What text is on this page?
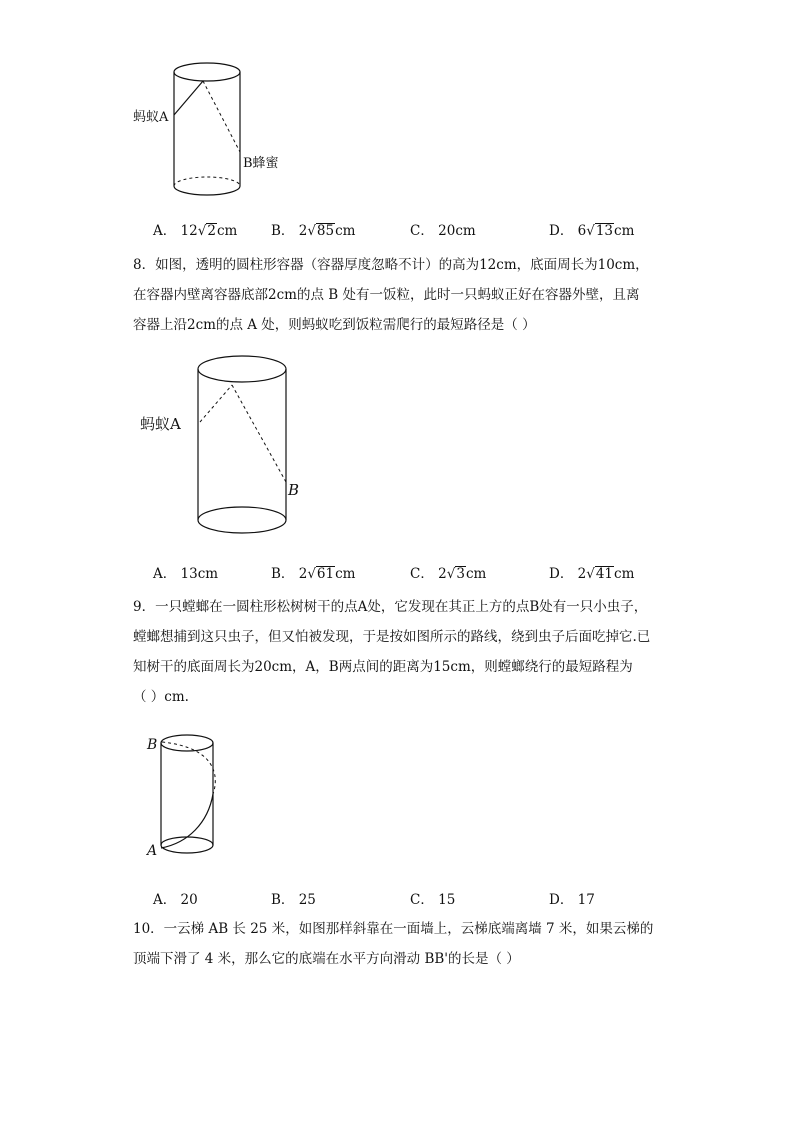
蚂蚁A
B蜂蜜
A． 12√2cm B． 2√85cm	C． 20cm	D． 6√13cm
8．如图，透明的圆柱形容器（容器厚度忽略不计）的高为12cm，底面周长为10cm，
在容器内壁离容器底部2cm的点 B 处有一饭粒，此时一只蚂蚁正好在容器外壁，且离
容器上沿2cm的点 A 处，则蚂蚁吃到饭粒需爬行的最短路径是（ ）
蚂蚁A
B
A． 13cm	B． 2√61cm	C． 2√3cm	D． 2√41cm
9．一只螳螂在一圆柱形松树树干的点A处，它发现在其正上方的点B处有一只小虫子，
螳螂想捕到这只虫子，但又怕被发现，于是按如图所示的路线，绕到虫子后面吃掉它.已
知树干的底面周长为20cm，A，B两点间的距离为15cm，则螳螂绕行的最短路程为
（ ）cm.
B
A
A． 20	B． 25	C． 15	D． 17
10．一云梯 AB 长 25 米，如图那样斜靠在一面墙上，云梯底端离墙 7 米，如果云梯的
顶端下滑了 4 米，那么它的底端在水平方向滑动 BB'的长是（ ）
